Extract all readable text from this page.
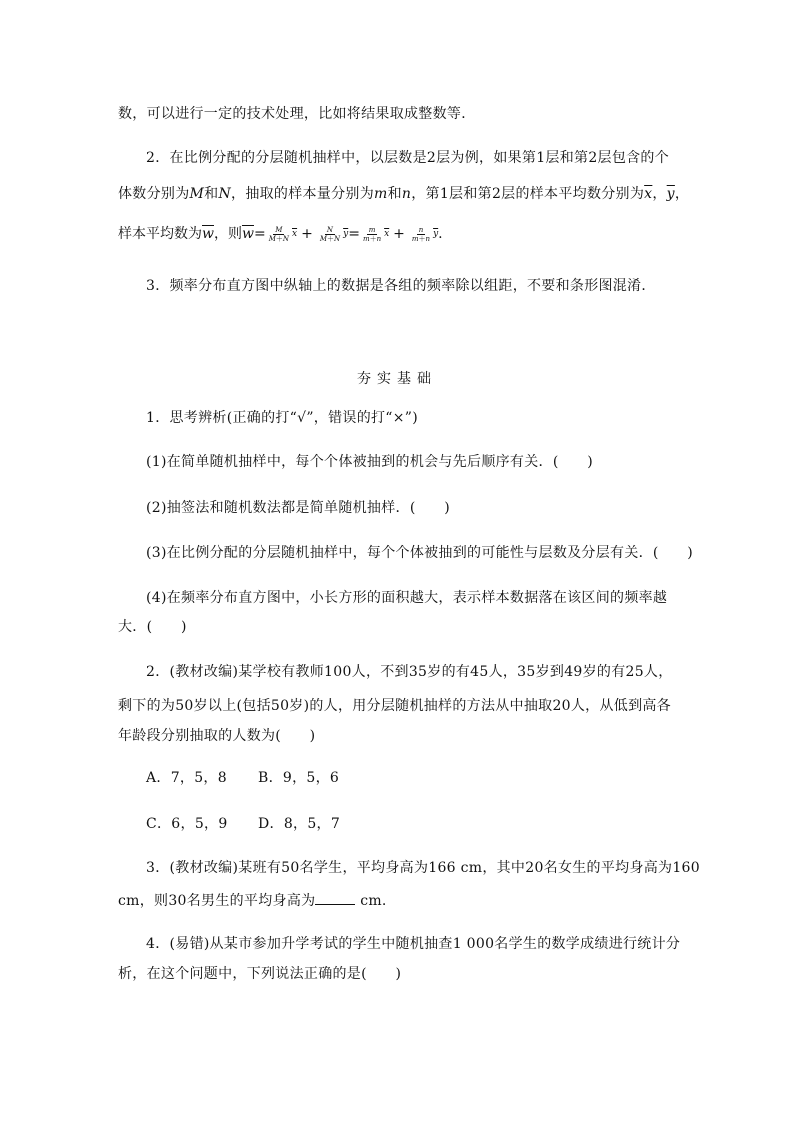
数，可以进行一定的技术处理，比如将结果取成整数等．
2．在比例分配的分层随机抽样中，以层数是2层为例，如果第1层和第2层包含的个
体数分别为M和N，抽取的样本量分别为m和n，第1层和第2层的样本平均数分别为$\overline{x}$，$\overline{y}$，
样本平均数为 $\overline{w}$ ，则 $\overline{w} = \frac{M}{M+N} \overline{x} + \frac{N}{M+N} \overline{y} = \frac{m}{m+n} \overline{x} + \frac{n}{m+n} \overline{y}$ .
3．频率分布直方图中纵轴上的数据是各组的频率除以组距，不要和条形图混淆．
夯实基础
1．思考辨析(正确的打“√”，错误的打“×”)
(1)在简单随机抽样中，每个个体被抽到的机会与先后顺序有关．(　　)
(2)抽签法和随机数法都是简单随机抽样．(　　)
(3)在比例分配的分层随机抽样中，每个个体被抽到的可能性与层数及分层有关．(　　)
(4)在频率分布直方图中，小长方形的面积越大，表示样本数据落在该区间的频率越
大．(　　)
2．(教材改编)某学校有教师100人，不到35岁的有45人，35岁到49岁的有25人，
剩下的为50岁以上(包括50岁)的人，用分层随机抽样的方法从中抽取20人，从低到高各
年龄段分别抽取的人数为(　　)
A．7，5，8 B．9，5，6
C．6，5，9 D．8，5，7
3．(教材改编)某班有50名学生，平均身高为166 cm，其中20名女生的平均身高为160
cm，则30名男生的平均身高为	cm.
4．(易错)从某市参加升学考试的学生中随机抽查1 000名学生的数学成绩进行统计分
析，在这个问题中，下列说法正确的是(　　)
